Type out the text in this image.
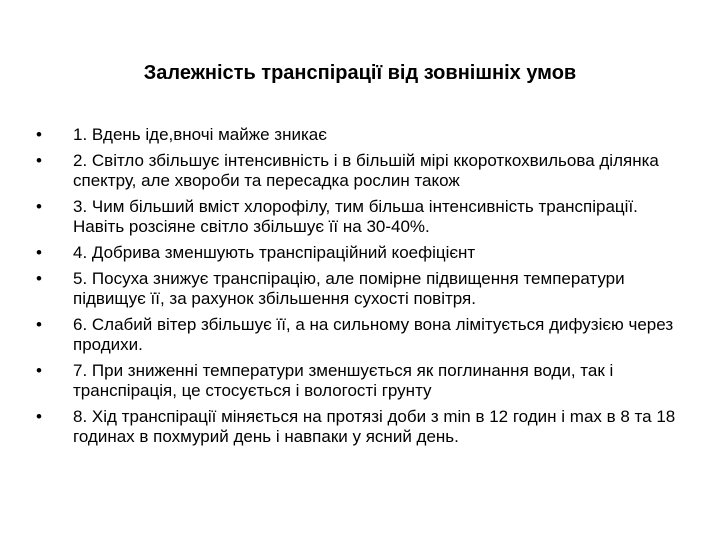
Залежність транспірації від зовнішніх умов
•	1. Вдень іде,вночі майже зникає
•	2. Світло збільшує інтенсивність і в більшій мірі ккороткохвильова ділянка спектру, але хвороби та пересадка рослин також
•	3. Чим більший вміст хлорофілу, тим більша інтенсивність транспірації. Навіть розсіяне світло збільшує її на 30-40%.
•	4. Добрива зменшують транспіраційний коефіцієнт
•	5. Посуха знижує транспірацію, але помірне підвищення температури підвищує її, за рахунок збільшення сухості повітря.
•	6. Слабий вітер збільшує її, а на сильному вона лімітується дифузією через продихи.
•	7. При зниженні температури зменшується як поглинання води, так і транспірація, це стосується і вологості грунту
•	8. Хід транспірації міняється на протязі доби з min в 12 годин і max в 8 та 18 годинах в похмурий день і навпаки у ясний день.
